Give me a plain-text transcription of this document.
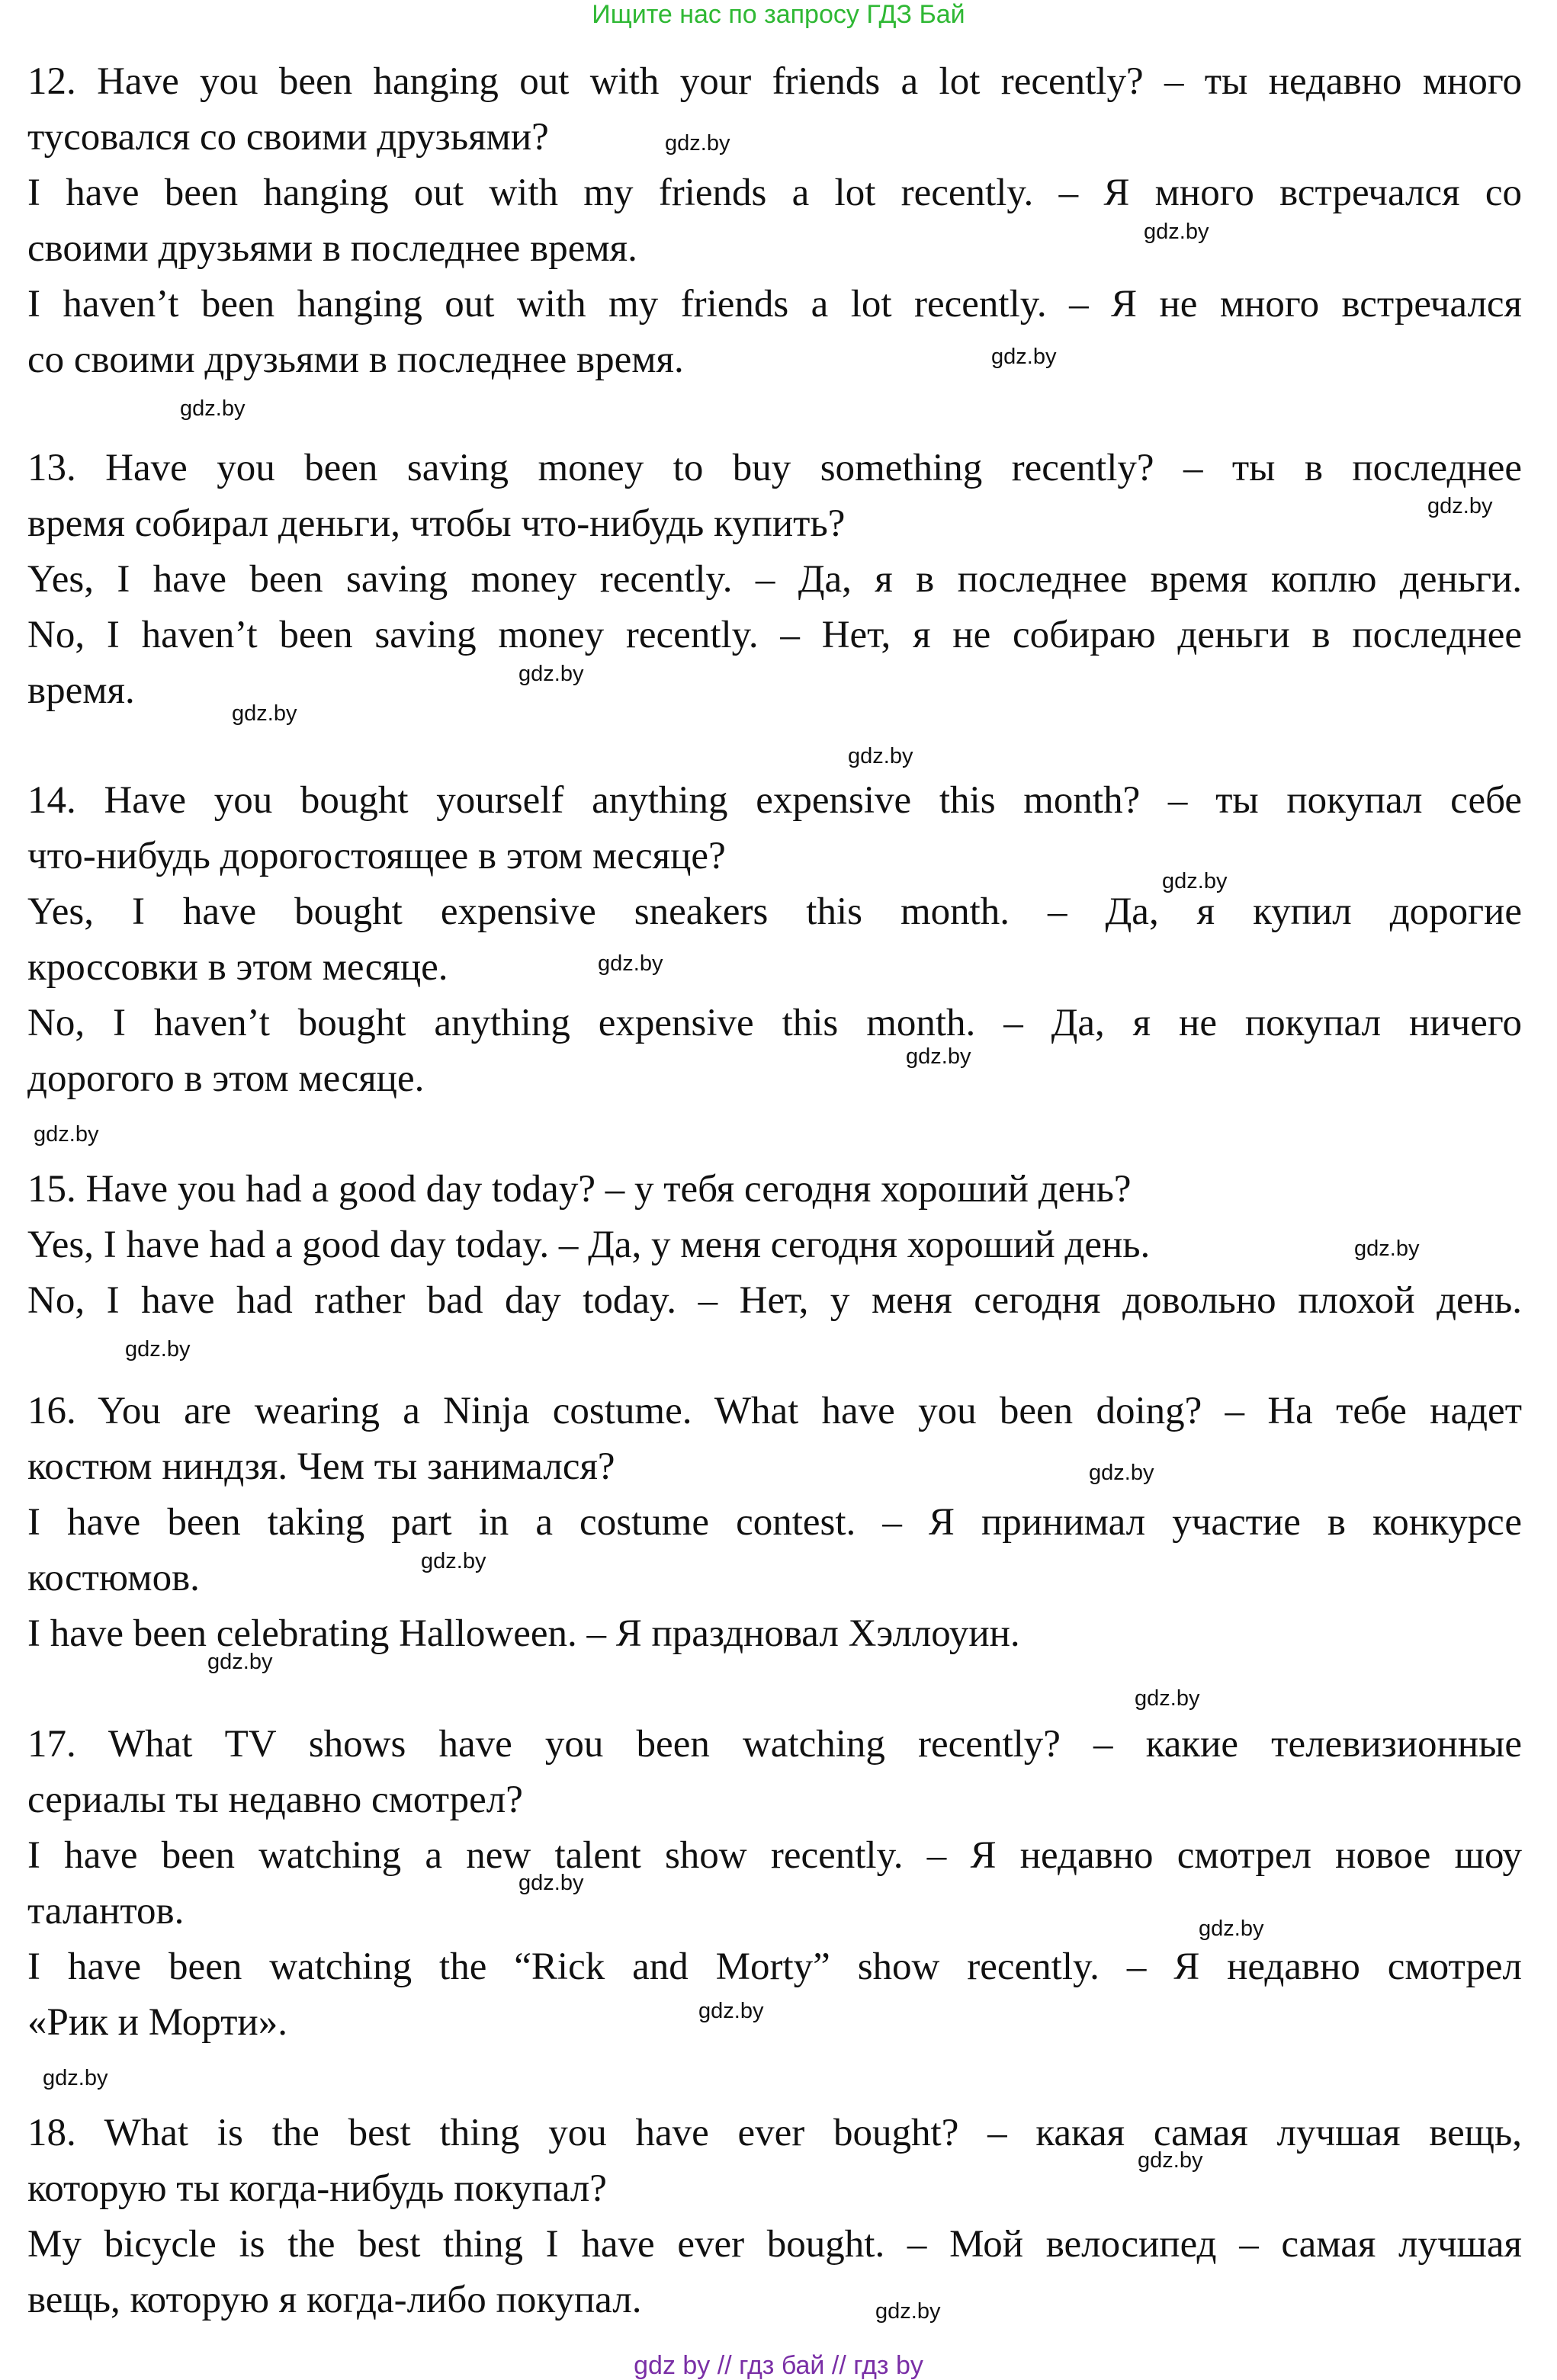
Ищите нас по запросу ГДЗ Бай
12. Have you been hanging out with your friends a lot recently? – ты недавно много
тусовался со своими друзьями?
I have been hanging out with my friends a lot recently. – Я много встречался со
своими друзьями в последнее время.
I haven’t been hanging out with my friends a lot recently. – Я не много встречался
со своими друзьями в последнее время.
13. Have you been saving money to buy something recently? – ты в последнее
время собирал деньги, чтобы что-нибудь купить?
Yes, I have been saving money recently. – Да, я в последнее время коплю деньги.
No, I haven’t been saving money recently. – Нет, я не собираю деньги в последнее
время.
14. Have you bought yourself anything expensive this month? – ты покупал себе
что-нибудь дорогостоящее в этом месяце?
Yes, I have bought expensive sneakers this month. – Да, я купил дорогие
кроссовки в этом месяце.
No, I haven’t bought anything expensive this month. – Да, я не покупал ничего
дорогого в этом месяце.
15. Have you had a good day today? – у тебя сегодня хороший день?
Yes, I have had a good day today. – Да, у меня сегодня хороший день.
No, I have had rather bad day today. – Нет, у меня сегодня довольно плохой день.
16. You are wearing a Ninja costume. What have you been doing? – На тебе надет
костюм ниндзя. Чем ты занимался?
I have been taking part in a costume contest. – Я принимал участие в конкурсе
костюмов.
I have been celebrating Halloween. – Я праздновал Хэллоуин.
17. What TV shows have you been watching recently? – какие телевизионные
сериалы ты недавно смотрел?
I have been watching a new talent show recently. – Я недавно смотрел новое шоу
талантов.
I have been watching the “Rick and Morty” show recently. – Я недавно смотрел
«Рик и Морти».
18. What is the best thing you have ever bought? – какая самая лучшая вещь,
которую ты когда-нибудь покупал?
My bicycle is the best thing I have ever bought. – Мой велосипед – самая лучшая
вещь, которую я когда-либо покупал.
gdz.by
gdz.by
gdz.by
gdz.by
gdz.by
gdz.by
gdz.by
gdz.by
gdz.by
gdz.by
gdz.by
gdz.by
gdz.by
gdz.by
gdz.by
gdz.by
gdz.by
gdz.by
gdz.by
gdz.by
gdz.by
gdz.by
gdz.by
gdz.by
gdz by // гдз бай // гдз by
